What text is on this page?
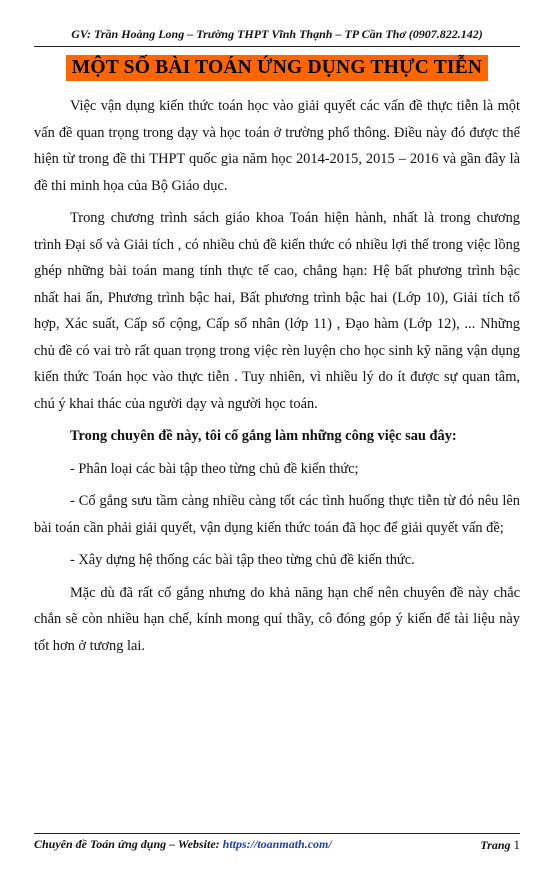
GV: Trần Hoàng Long – Trường THPT Vĩnh Thạnh – TP Cần Thơ (0907.822.142)
MỘT SỐ BÀI TOÁN ỨNG DỤNG THỰC TIỄN

Việc vận dụng kiến thức toán học vào giải quyết các vấn đề thực tiễn là một vấn đề quan trọng trong dạy và học toán ở trường phổ thông. Điều này đó được thể hiện từ trong đề thi THPT quốc gia năm học 2014-2015, 2015 – 2016 và gần đây là đề thi minh họa của Bộ Giáo dục.

Trong chương trình sách giáo khoa Toán hiện hành, nhất là trong chương trình Đại số và Giải tích , có nhiều chủ đề kiến thức có nhiều lợi thế trong việc lồng ghép những bài toán mang tính thực tế cao, chẳng hạn: Hệ bất phương trình bậc nhất hai ẩn, Phương trình bậc hai, Bất phương trình bậc hai (Lớp 10), Giải tích tổ hợp, Xác suất, Cấp số cộng, Cấp số nhân (lớp 11) , Đạo hàm (Lớp 12), ... Những chủ đề có vai trò rất quan trọng trong việc rèn luyện cho học sinh kỹ năng vận dụng kiến thức Toán học vào thực tiễn . Tuy nhiên, vì nhiều lý do ít được sự quan tâm, chú ý khai thác của người dạy và người học toán.

Trong chuyên đề này, tôi cố gắng làm những công việc sau đây:

- Phân loại các bài tập theo từng chủ đề kiến thức;

- Cố gắng sưu tầm càng nhiều càng tốt các tình huống thực tiễn từ đó nêu lên bài toán cần phải giải quyết, vận dụng kiến thức toán đã học để giải quyết vấn đề;

- Xây dựng hệ thống các bài tập theo từng chủ đề kiến thức.

Mặc dù đã rất cố gắng nhưng do khả năng hạn chế nên chuyên đề này chắc chắn sẽ còn nhiều hạn chế, kính mong quí thầy, cô đóng góp ý kiến để tài liệu này tốt hơn ở tương lai.

Chuyên đề Toán ứng dụng – Website: https://toanmath.com/	Trang 1
